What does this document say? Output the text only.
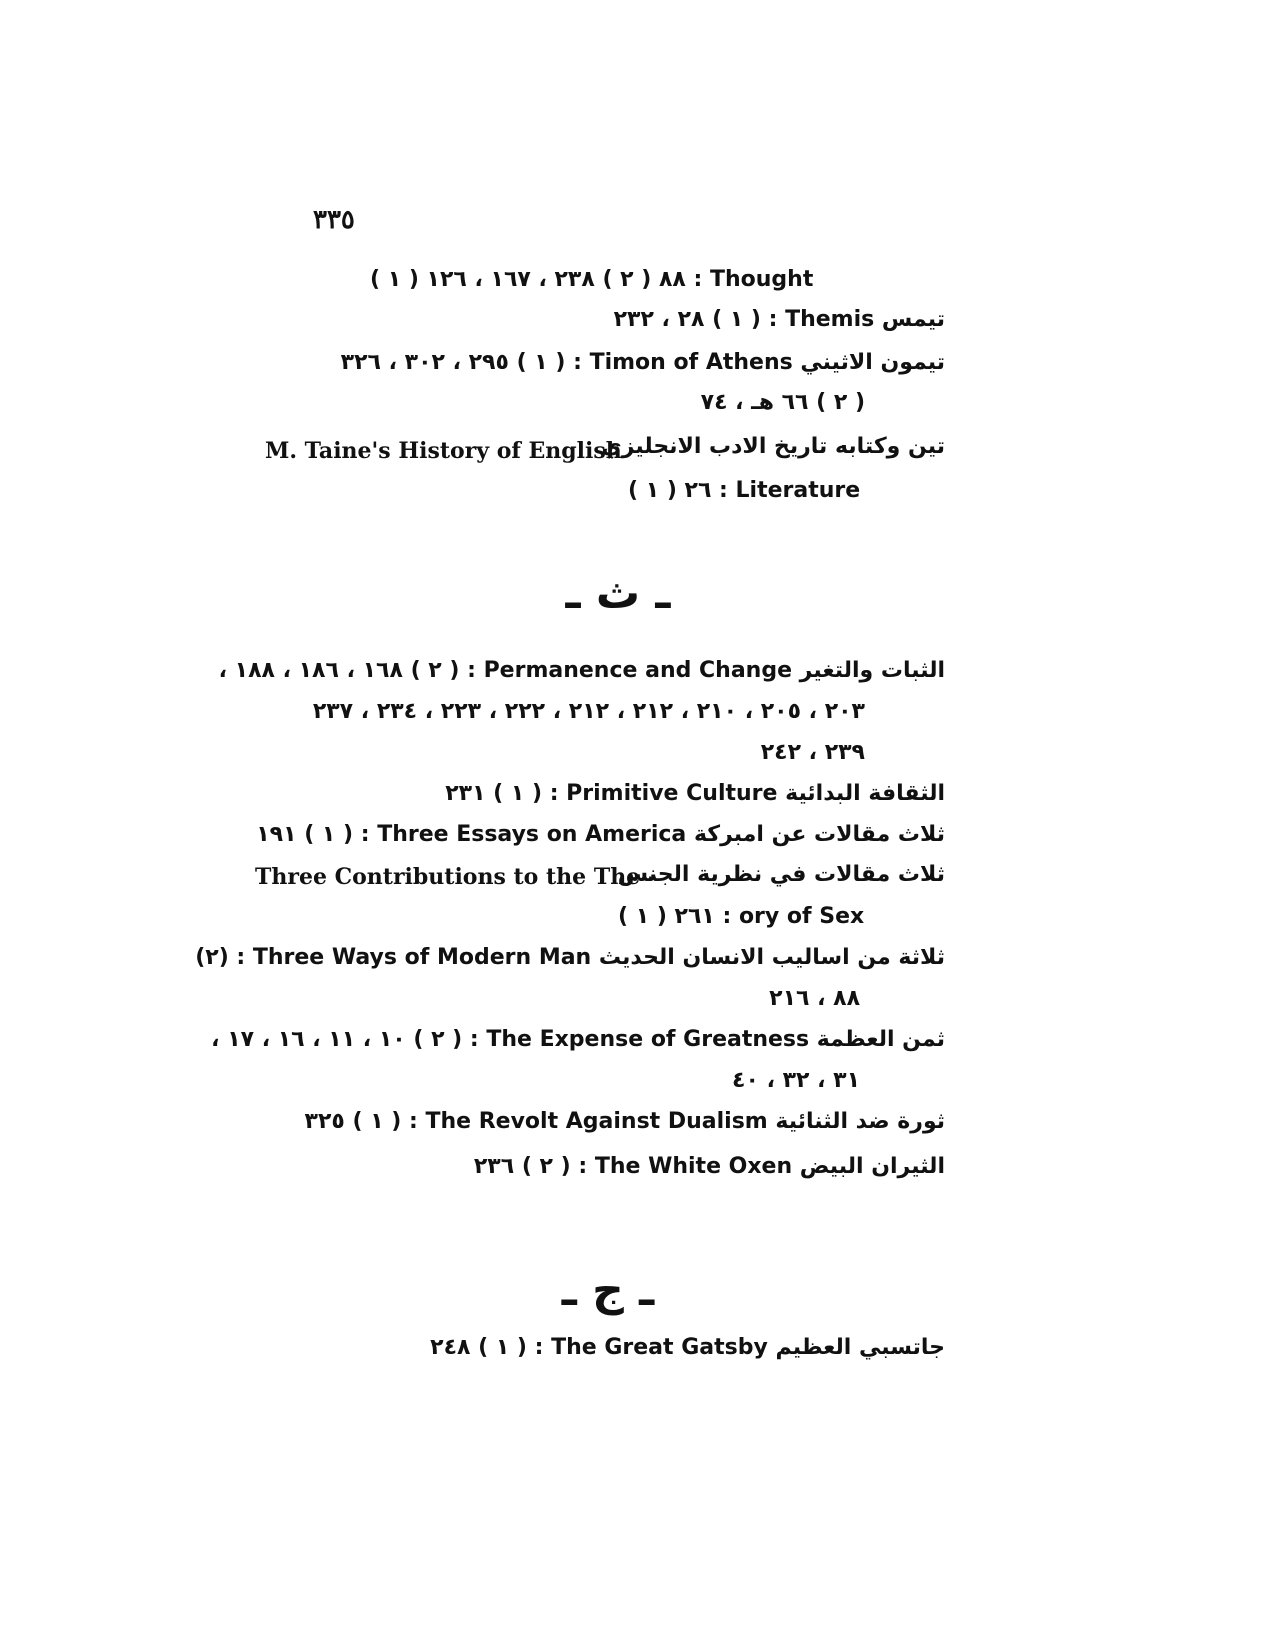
٣٣٥
٨٨ ( ٢ ) ٢٣٨ ، ١٦٧ ، ١٢٦ ( ١ ) : Thought
تيمس Themis : ( ١ ) ٢٨ ، ٢٣٢
تيمون الاثيني Timon of Athens : ( ١ ) ٢٩٥ ، ٣٠٢ ، ٣٢٦
( ٢ ) ٦٦ هـ ، ٧٤
تين وكتابه تاريخ الادب الانجليزي
M. Taine's History of English
٢٦ ( ١ ) : Literature
ـ ث ـ
الثبات والتغير Permanence and Change : ( ٢ ) ١٦٨ ، ١٨٦ ، ١٨٨ ،
٢٠٣ ، ٢٠٥ ، ٢١٠ ، ٢١٢ ، ٢١٢ ، ٢٢٢ ، ٢٢٣ ، ٢٣٤ ، ٢٣٧
٢٣٩ ، ٢٤٢
الثقافة البدائية Primitive Culture : ( ١ ) ٢٣١
ثلاث مقالات عن امبركة Three Essays on America : ( ١ ) ١٩١
ثلاث مقالات في نظرية الجنس
Three Contributions to the The -
٢٦١ ( ١ ) : ory of Sex
ثلاثة من اساليب الانسان الحديث Three Ways of Modern Man : (٢)
٨٨ ، ٢١٦
ثمن العظمة The Expense of Greatness : ( ٢ ) ١٠ ، ١١ ، ١٦ ، ١٧ ،
٣١ ، ٣٢ ، ٤٠
ثورة ضد الثنائية The Revolt Against Dualism : ( ١ ) ٣٢٥
الثيران البيض The White Oxen : ( ٢ ) ٢٣٦
ـ ج ـ
جاتسبي العظيم The Great Gatsby : ( ١ ) ٢٤٨
